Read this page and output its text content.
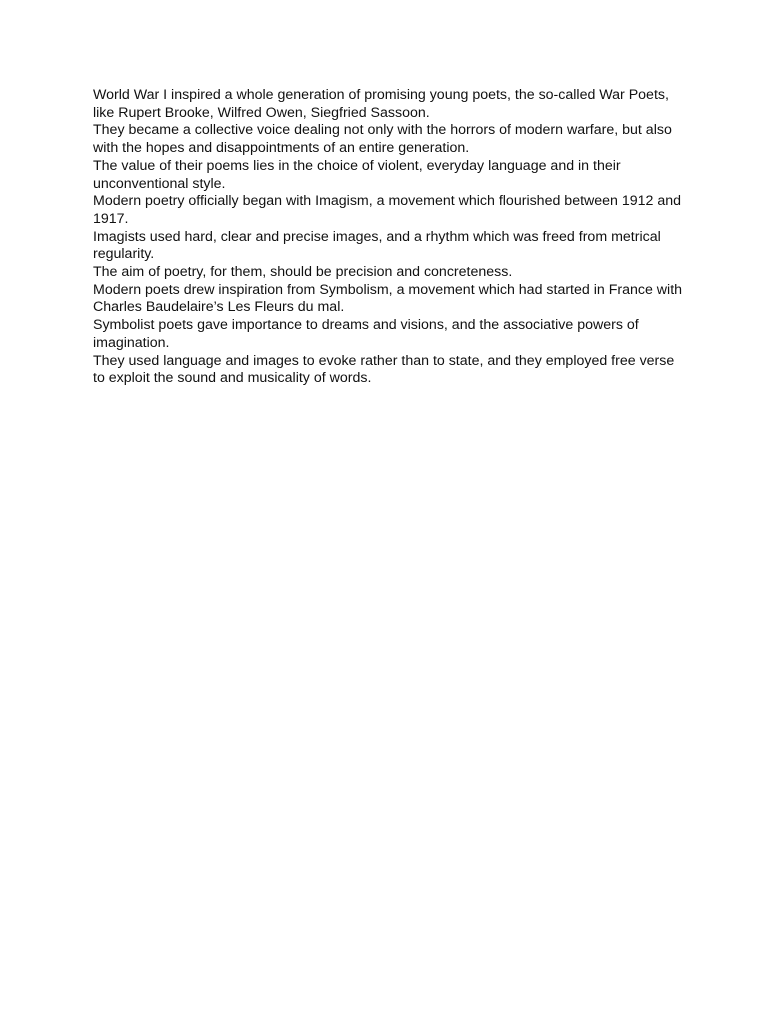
World War I inspired a whole generation of promising young poets, the so-called War Poets, like Rupert Brooke, Wilfred Owen, Siegfried Sassoon.

They became a collective voice dealing not only with the horrors of modern warfare, but also with the hopes and disappointments of an entire generation.

The value of their poems lies in the choice of violent, everyday language and in their unconventional style.

Modern poetry officially began with Imagism, a movement which flourished between 1912 and 1917.

Imagists used hard, clear and precise images, and a rhythm which was freed from metrical regularity.

The aim of poetry, for them, should be precision and concreteness.

Modern poets drew inspiration from Symbolism, a movement which had started in France with Charles Baudelaire’s Les Fleurs du mal.

Symbolist poets gave importance to dreams and visions, and the associative powers of imagination.

They used language and images to evoke rather than to state, and they employed free verse to exploit the sound and musicality of words.
